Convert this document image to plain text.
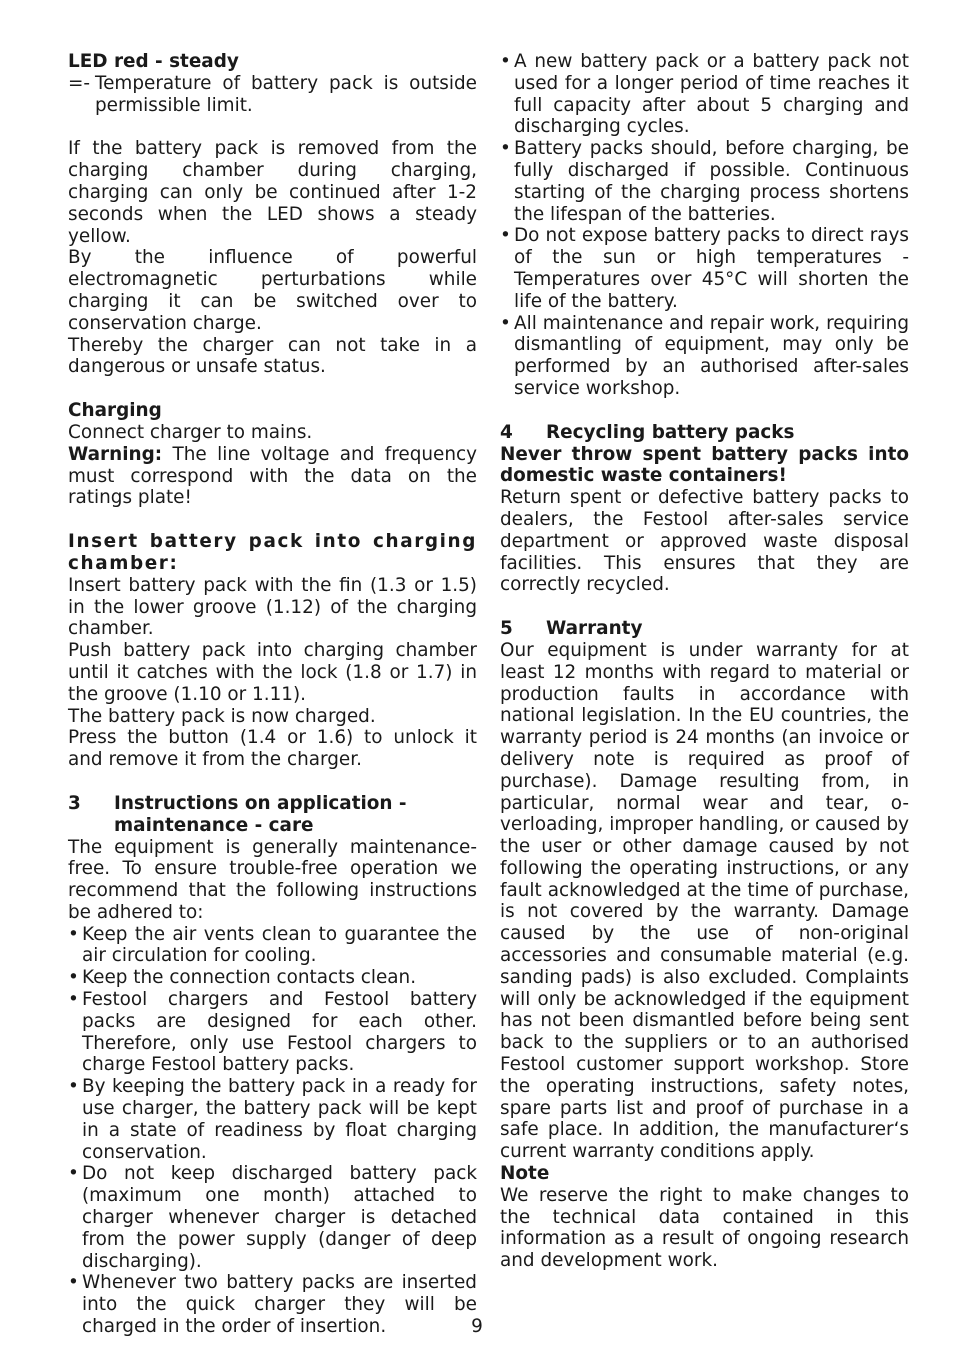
LED red - steady

=- Temperature of battery pack is outside permissible limit.

If the battery pack is removed from the charging chamber during charging, charging can only be continued after 1-2 seconds when the LED shows a steady yellow.

By the influence of powerful electromagnetic perturbations while charging it can be switched over to conservation charge.

Thereby the charger can not take in a dangerous or unsafe status.

Charging

Connect charger to mains.

Warning: The line voltage and frequency must correspond with the data on the ratings plate!

Insert battery pack into charging chamber:

Insert battery pack with the fin (1.3 or 1.5) in the lower groove (1.12) of the charging chamber.

Push battery pack into charging chamber until it catches with the lock (1.8 or 1.7) in the groove (1.10 or 1.11).

The battery pack is now charged.

Press the button (1.4 or 1.6) to unlock it and remove it from the charger.

3	Instructions on application - maintenance - care

The equipment is generally maintenance-free. To ensure trouble-free operation we recommend that the following instructions be adhered to:

• Keep the air vents clean to guarantee the air circulation for cooling.
• Keep the connection contacts clean.
• Festool chargers and Festool battery packs are designed for each other. Therefore, only use Festool chargers to charge Festool battery packs.
• By keeping the battery pack in a ready for use charger, the battery pack will be kept in a state of readiness by float charging conservation.
• Do not keep discharged battery pack (maximum one month) attached to charger whenever charger is detached from the power supply (danger of deep discharging).
• Whenever two battery packs are inserted into the quick charger they will be charged in the order of insertion.
• A new battery pack or a battery pack not used for a longer period of time reaches it full capacity after about 5 charging and discharging cycles.
• Battery packs should, before charging, be fully discharged if possible. Continuous starting of the charging process shortens the lifespan of the batteries.
• Do not expose battery packs to direct rays of the sun or high temperatures - Temperatures over 45°C will shorten the life of the battery.
• All maintenance and repair work, requiring dismantling of equipment, may only be performed by an authorised after-sales service workshop.
4	Recycling battery packs

Never throw spent battery packs into domestic waste containers!

Return spent or defective battery packs to dealers, the Festool after-sales service department or approved waste disposal facilities. This ensures that they are correctly recycled.

5	Warranty

Our equipment is under warranty for at least 12 months with regard to material or production faults in accordance with national legislation. In the EU countries, the warranty period is 24 months (an invoice or delivery note is required as proof of purchase). Damage resulting from, in particular, normal wear and tear, o-verloading, improper handling, or caused by the user or other damage caused by not following the operating instructions, or any fault acknowledged at the time of purchase, is not covered by the warranty. Damage caused by the use of non-original accessories and consumable material (e.g. sanding pads) is also excluded. Complaints will only be acknowledged if the equipment has not been dismantled before being sent back to the suppliers or to an authorised Festool customer support workshop. Store the operating instructions, safety notes, spare parts list and proof of purchase in a safe place. In addition, the manufacturer‘s current warranty conditions apply.

Note

We reserve the right to make changes to the technical data contained in this information as a result of ongoing research and development work.

9
